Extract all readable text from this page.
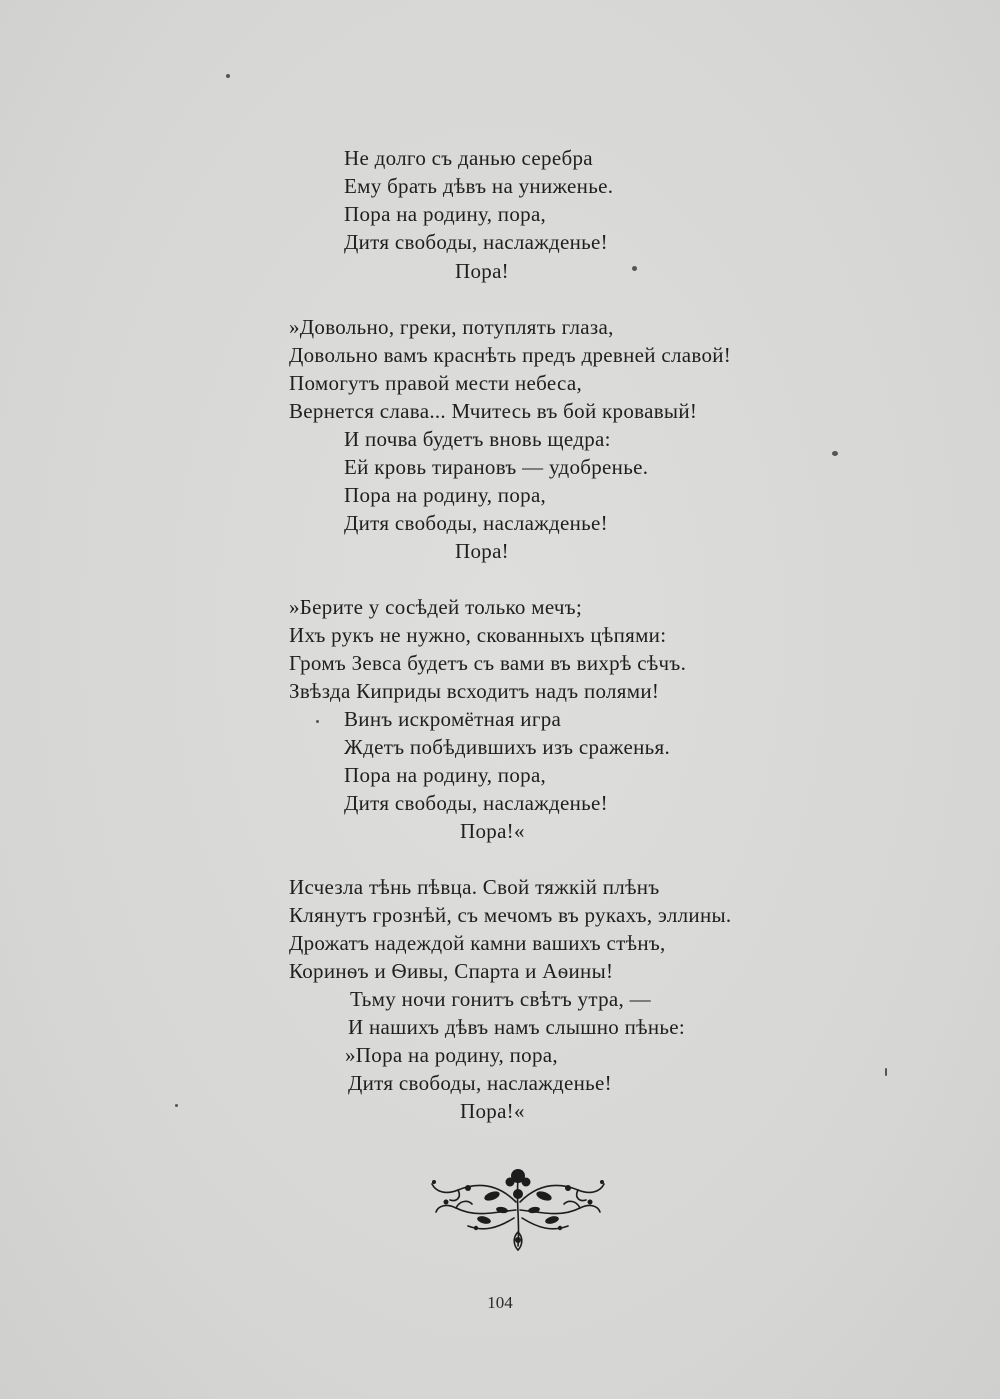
Не долго съ данью серебра
Ему брать дѣвъ на униженье.
Пора на родину, пора,
Дитя свободы, наслажденье!
Пора!
»Довольно, греки, потуплять глаза,
Довольно вамъ краснѣть предъ древней славой!
Помогутъ правой мести небеса,
Вернется слава... Мчитесь въ бой кровавый!
И почва будетъ вновь щедра:
Ей кровь тирановъ — удобренье.
Пора на родину, пора,
Дитя свободы, наслажденье!
Пора!
»Берите у сосѣдей только мечъ;
Ихъ рукъ не нужно, скованныхъ цѣпями:
Громъ Зевса будетъ съ вами въ вихрѣ сѣчъ.
Звѣзда Киприды всходитъ надъ полями!
Винъ искромётная игра
Ждетъ побѣдившихъ изъ сраженья.
Пора на родину, пора,
Дитя свободы, наслажденье!
Пора!«
Исчезла тѣнь пѣвца. Свой тяжкій плѣнъ
Клянутъ грознѣй, съ мечомъ въ рукахъ, эллины.
Дрожатъ надеждой камни вашихъ стѣнъ,
Коринѳъ и Ѳивы, Спарта и Аѳины!
Тьму ночи гонитъ свѣтъ утра, —
И нашихъ дѣвъ намъ слышно пѣнье:
»Пора на родину, пора,
Дитя свободы, наслажденье!
Пора!«
104
